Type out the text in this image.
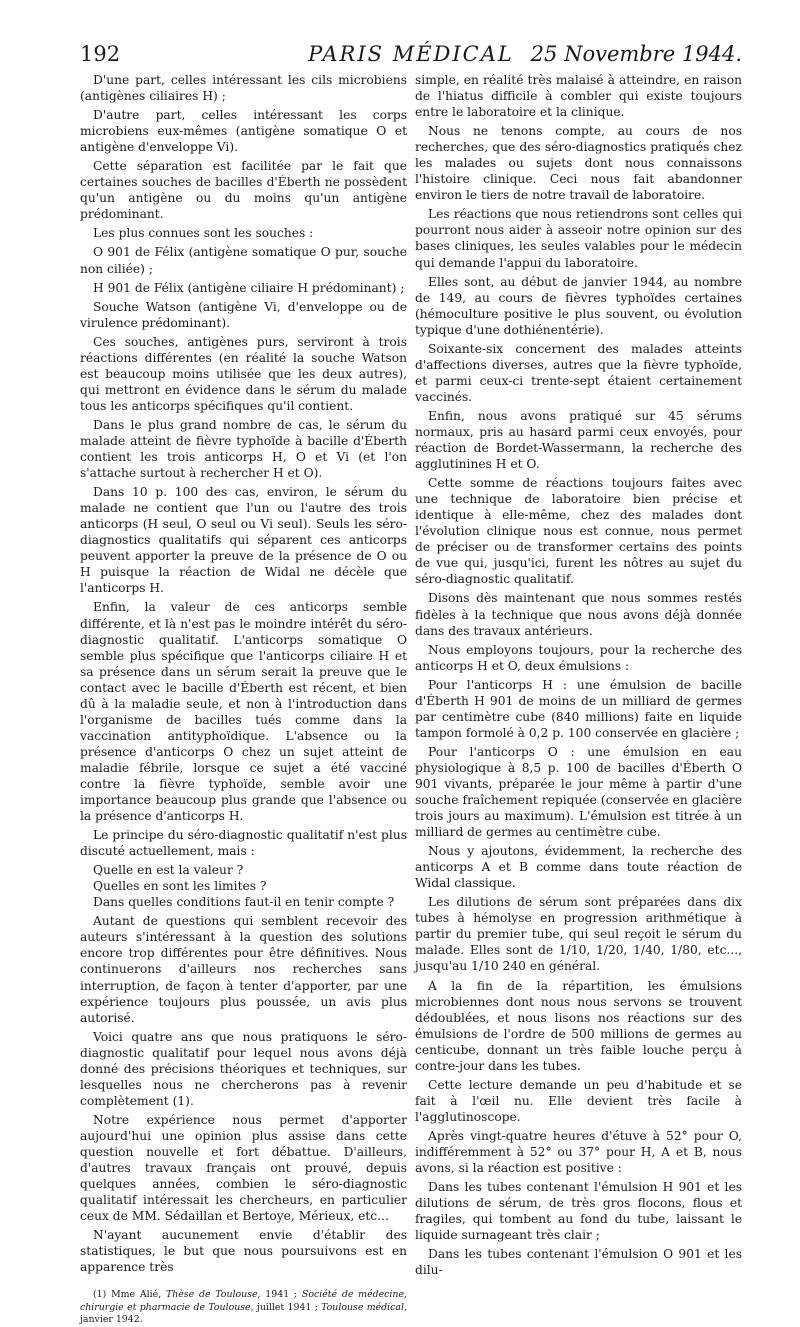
192	PARIS MÉDICAL 25 Novembre 1944.

D'une part, celles intéressant les cils microbiens (antigènes ciliaires H) ;

D'autre part, celles intéressant les corps microbiens eux-mêmes (antigène somatique O et antigène d'enveloppe Vi).

Cette séparation est facilitée par le fait que certaines souches de bacilles d'Éberth ne possèdent qu'un antigène ou du moins qu'un antigène prédominant.

Les plus connues sont les souches :

O 901 de Félix (antigène somatique O pur, souche non ciliée) ;

H 901 de Félix (antigène ciliaire H prédominant) ;

Souche Watson (antigène Vi, d'enveloppe ou de virulence prédominant).

Ces souches, antigènes purs, serviront à trois réactions différentes (en réalité la souche Watson est beaucoup moins utilisée que les deux autres), qui mettront en évidence dans le sérum du malade tous les anticorps spécifiques qu'il contient.

Dans le plus grand nombre de cas, le sérum du malade atteint de fièvre typhoïde à bacille d'Éberth contient les trois anticorps H, O et Vi (et l'on s'attache surtout à rechercher H et O).

Dans 10 p. 100 des cas, environ, le sérum du malade ne contient que l'un ou l'autre des trois anticorps (H seul, O seul ou Vi seul). Seuls les séro-diagnostics qualitatifs qui séparent ces anticorps peuvent apporter la preuve de la présence de O ou H puisque la réaction de Widal ne décèle que l'anticorps H.

Enfin, la valeur de ces anticorps semble différente, et là n'est pas le moindre intérêt du séro-diagnostic qualitatif. L'anticorps somatique O semble plus spécifique que l'anticorps ciliaire H et sa présence dans un sérum serait la preuve que le contact avec le bacille d'Éberth est récent, et bien dû à la maladie seule, et non à l'introduction dans l'organisme de bacilles tués comme dans la vaccination antityphoïdique. L'absence ou la présence d'anticorps O chez un sujet atteint de maladie fébrile, lorsque ce sujet a été vacciné contre la fièvre typhoïde, semble avoir une importance beaucoup plus grande que l'absence ou la présence d'anticorps H.

Le principe du séro-diagnostic qualitatif n'est plus discuté actuellement, mais :

Quelle en est la valeur ?

Quelles en sont les limites ?

Dans quelles conditions faut-il en tenir compte ?

Autant de questions qui semblent recevoir des auteurs s'intéressant à la question des solutions encore trop différentes pour être définitives. Nous continuerons d'ailleurs nos recherches sans interruption, de façon à tenter d'apporter, par une expérience toujours plus poussée, un avis plus autorisé.

Voici quatre ans que nous pratiquons le séro-diagnostic qualitatif pour lequel nous avons déjà donné des précisions théoriques et techniques, sur lesquelles nous ne chercherons pas à revenir complètement (1).

Notre expérience nous permet d'apporter aujourd'hui une opinion plus assise dans cette question nouvelle et fort débattue. D'ailleurs, d'autres travaux français ont prouvé, depuis quelques années, combien le séro-diagnostic qualitatif intéressait les chercheurs, en particulier ceux de MM. Sédaillan et Bertoye, Mérieux, etc...

N'ayant aucunement envie d'établir des statistiques, le but que nous poursuivons est en apparence très

(1) Mme Alié, Thèse de Toulouse, 1941 ; Société de médecine, chirurgie et pharmacie de Toulouse, juillet 1941 ; Toulouse médical, janvier 1942.

simple, en réalité très malaisé à atteindre, en raison de l'hiatus difficile à combler qui existe toujours entre le laboratoire et la clinique.

Nous ne tenons compte, au cours de nos recherches, que des séro-diagnostics pratiqués chez les malades ou sujets dont nous connaissons l'histoire clinique. Ceci nous fait abandonner environ le tiers de notre travail de laboratoire.

Les réactions que nous retiendrons sont celles qui pourront nous aider à asseoir notre opinion sur des bases cliniques, les seules valables pour le médecin qui demande l'appui du laboratoire.

Elles sont, au début de janvier 1944, au nombre de 149, au cours de fièvres typhoïdes certaines (hémoculture positive le plus souvent, ou évolution typique d'une dothiénentérie).

Soixante-six concernent des malades atteints d'affections diverses, autres que la fièvre typhoïde, et parmi ceux-ci trente-sept étaient certainement vaccinés.

Enfin, nous avons pratiqué sur 45 sérums normaux, pris au hasard parmi ceux envoyés, pour réaction de Bordet-Wassermann, la recherche des agglutinines H et O.

Cette somme de réactions toujours faites avec une technique de laboratoire bien précise et identique à elle-même, chez des malades dont l'évolution clinique nous est connue, nous permet de préciser ou de transformer certains des points de vue qui, jusqu'ici, furent les nôtres au sujet du séro-diagnostic qualitatif.

Disons dès maintenant que nous sommes restés fidèles à la technique que nous avons déjà donnée dans des travaux antérieurs.

Nous employons toujours, pour la recherche des anticorps H et O, deux émulsions :

Pour l'anticorps H : une émulsion de bacille d'Éberth H 901 de moins de un milliard de germes par centimètre cube (840 millions) faite en liquide tampon formolé à 0,2 p. 100 conservée en glacière ;

Pour l'anticorps O : une émulsion en eau physiologique à 8,5 p. 100 de bacilles d'Éberth O 901 vivants, préparée le jour même à partir d'une souche fraîchement repiquée (conservée en glacière trois jours au maximum). L'émulsion est titrée à un milliard de germes au centimètre cube.

Nous y ajoutons, évidemment, la recherche des anticorps A et B comme dans toute réaction de Widal classique.

Les dilutions de sérum sont préparées dans dix tubes à hémolyse en progression arithmétique à partir du premier tube, qui seul reçoit le sérum du malade. Elles sont de 1/10, 1/20, 1/40, 1/80, etc..., jusqu'au 1/10 240 en général.

A la fin de la répartition, les émulsions microbiennes dont nous nous servons se trouvent dédoublées, et nous lisons nos réactions sur des émulsions de l'ordre de 500 millions de germes au centicube, donnant un très faible louche perçu à contre-jour dans les tubes.

Cette lecture demande un peu d'habitude et se fait à l'œil nu. Elle devient très facile à l'agglutinoscope.

Après vingt-quatre heures d'étuve à 52° pour O, indifféremment à 52° ou 37° pour H, A et B, nous avons, si la réaction est positive :

Dans les tubes contenant l'émulsion H 901 et les dilutions de sérum, de très gros flocons, flous et fragiles, qui tombent au fond du tube, laissant le liquide surnageant très clair ;

Dans les tubes contenant l'émulsion O 901 et les dilu-
